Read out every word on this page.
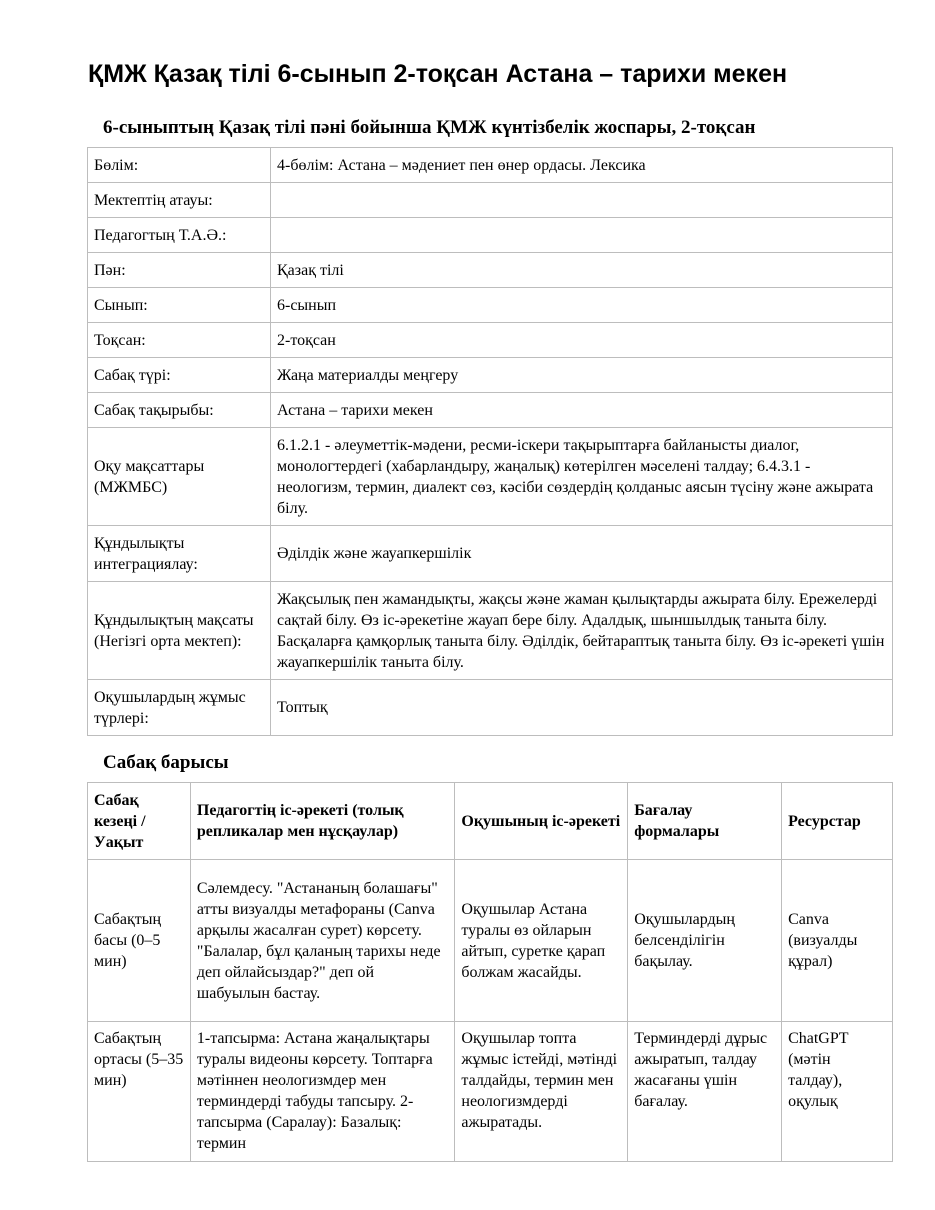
ҚМЖ Қазақ тілі 6-сынып 2-тоқсан Астана – тарихи мекен
6-сыныптың Қазақ тілі пәні бойынша ҚМЖ күнтізбелік жоспары, 2-тоқсан
Бөлім:	4-бөлім: Астана – мәдениет пен өнер ордасы. Лексика
Мектептің атауы:	
Педагогтың Т.А.Ә.:	
Пән:	Қазақ тілі
Сынып:	6-сынып
Тоқсан:	2-тоқсан
Сабақ түрі:	Жаңа материалды меңгеру
Сабақ тақырыбы:	Астана – тарихи мекен
Оқу мақсаттары (МЖМБС)	6.1.2.1 - әлеуметтік-мәдени, ресми-іскери тақырыптарға байланысты диалог, монологтердегі (хабарландыру, жаңалық) көтерілген мәселені талдау; 6.4.3.1 - неологизм, термин, диалект сөз, кәсіби сөздердің қолданыс аясын түсіну және ажырата білу.
Құндылықты интеграциялау:	Әділдік және жауапкершілік
Құндылықтың мақсаты (Негізгі орта мектеп):	Жақсылық пен жамандықты, жақсы және жаман қылықтарды ажырата білу. Ережелерді сақтай білу. Өз іс-әрекетіне жауап бере білу. Адалдық, шыншылдық таныта білу. Басқаларға қамқорлық таныта білу. Әділдік, бейтараптық таныта білу. Өз іс-әрекеті үшін жауапкершілік таныта білу.
Оқушылардың жұмыс түрлері:	Топтық
Сабақ барысы
Сабақ кезеңі / Уақыт	Педагогтің іс-әрекеті (толық репликалар мен нұсқаулар)	Оқушының іс-әрекеті	Бағалау формалары	Ресурстар
Сабақтың басы (0–5 мин)	Сәлемдесу. "Астананың болашағы" атты визуалды метафораны (Canva арқылы жасалған сурет) көрсету. "Балалар, бұл қаланың тарихы неде деп ойлайсыздар?" деп ой шабуылын бастау.	Оқушылар Астана туралы өз ойларын айтып, суретке қарап болжам жасайды.	Оқушылардың белсенділігін бақылау.	Canva (визуалды құрал)
Сабақтың ортасы (5–35 мин)	1-тапсырма: Астана жаңалықтары туралы видеоны көрсету. Топтарға мәтіннен неологизмдер мен терминдерді табуды тапсыру. 2-тапсырма (Саралау): Базалық: термин	Оқушылар топта жұмыс істейді, мәтінді талдайды, термин мен неологизмдерді ажыратады.	Терминдерді дұрыс ажыратып, талдау жасағаны үшін бағалау.	ChatGPT (мәтін талдау), оқулық
